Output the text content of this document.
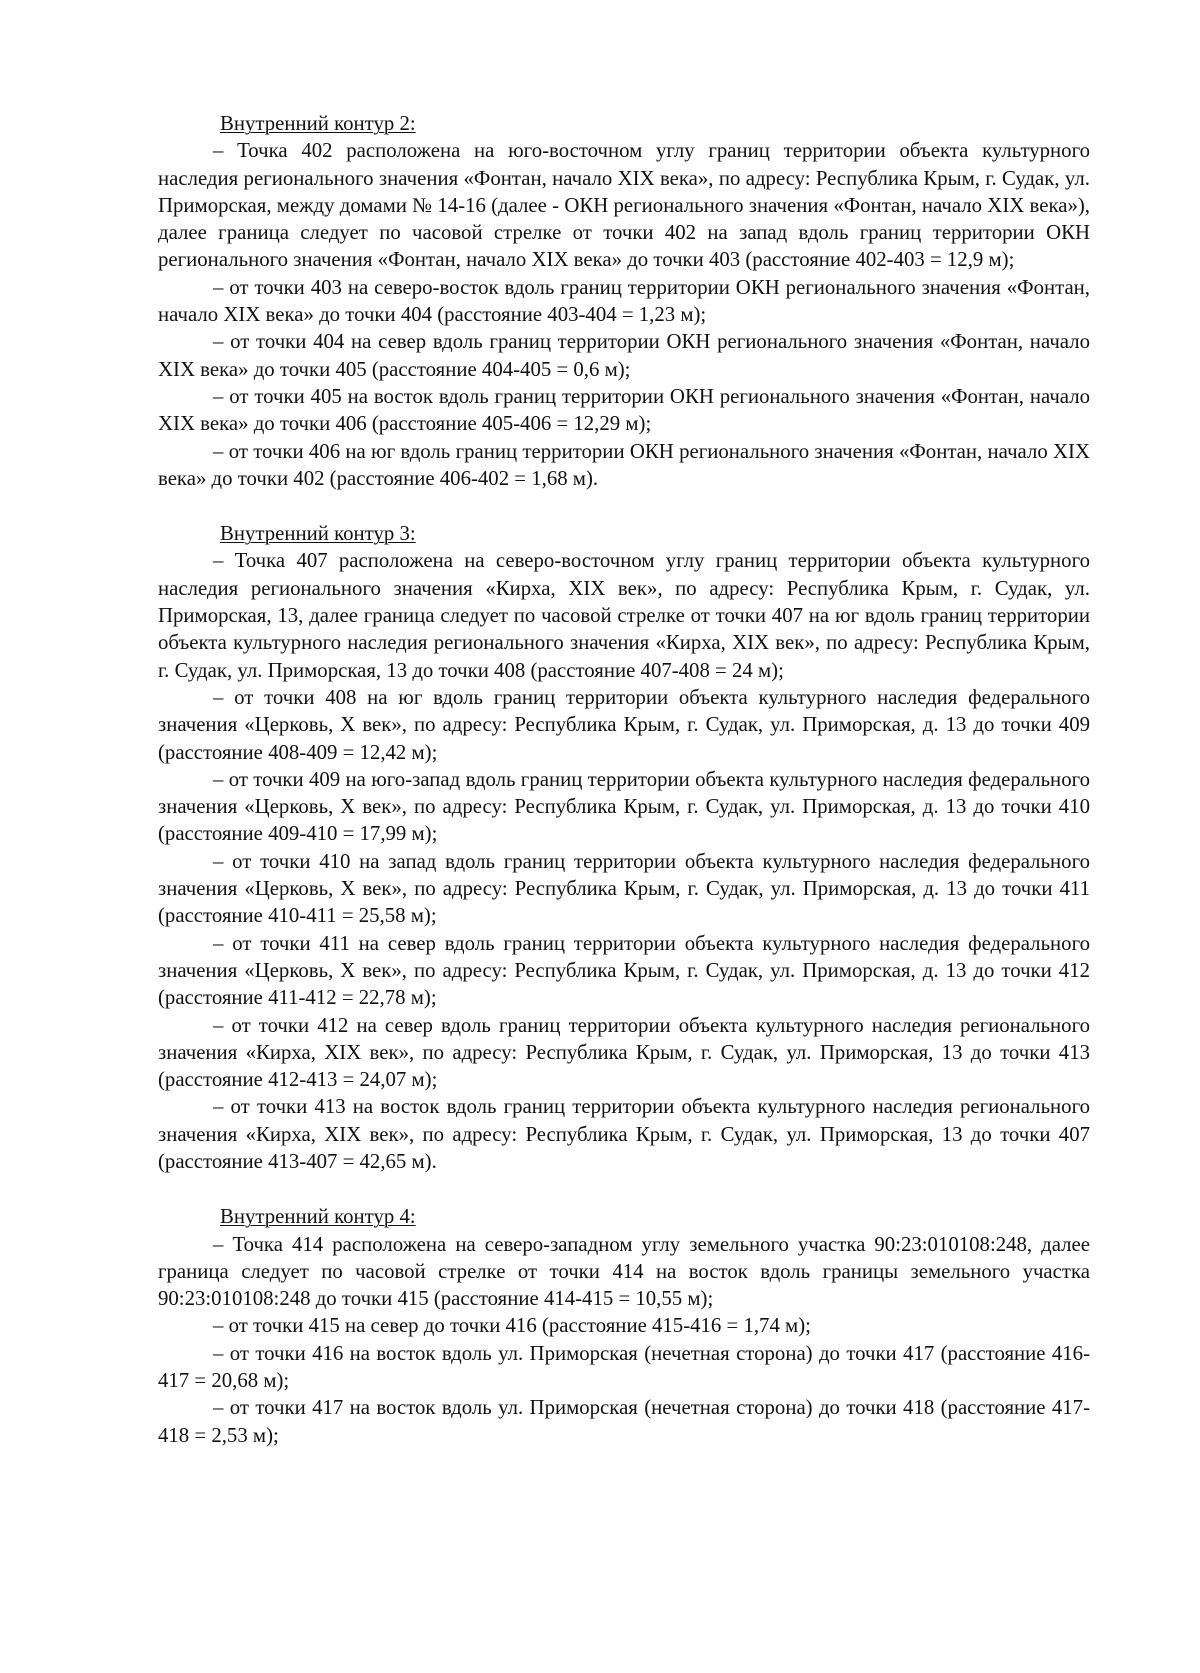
Внутренний контур 2:

– Точка 402 расположена на юго-восточном углу границ территории объекта культурного наследия регионального значения «Фонтан, начало XIX века», по адресу: Республика Крым, г. Судак, ул. Приморская, между домами № 14-16 (далее - ОКН регионального значения «Фонтан, начало XIX века»), далее граница следует по часовой стрелке от точки 402 на запад вдоль границ территории ОКН регионального значения «Фонтан, начало XIX века» до точки 403 (расстояние 402-403 = 12,9 м);

– от точки 403 на северо-восток вдоль границ территории ОКН регионального значения «Фонтан, начало XIX века» до точки 404 (расстояние 403-404 = 1,23 м);

– от точки 404 на север вдоль границ территории ОКН регионального значения «Фонтан, начало XIX века» до точки 405 (расстояние 404-405 = 0,6 м);

– от точки 405 на восток вдоль границ территории ОКН регионального значения «Фонтан, начало XIX века» до точки 406 (расстояние 405-406 = 12,29 м);

– от точки 406 на юг вдоль границ территории ОКН регионального значения «Фонтан, начало XIX века» до точки 402 (расстояние 406-402 = 1,68 м).

Внутренний контур 3:

– Точка 407 расположена на северо-восточном углу границ территории объекта культурного наследия регионального значения «Кирха, XIX век», по адресу: Республика Крым, г. Судак, ул. Приморская, 13, далее граница следует по часовой стрелке от точки 407 на юг вдоль границ территории объекта культурного наследия регионального значения «Кирха, XIX век», по адресу: Республика Крым, г. Судак, ул. Приморская, 13 до точки 408 (расстояние 407-408 = 24 м);

– от точки 408 на юг вдоль границ территории объекта культурного наследия федерального значения «Церковь, X век», по адресу: Республика Крым, г. Судак, ул. Приморская, д. 13 до точки 409 (расстояние 408-409 = 12,42 м);

– от точки 409 на юго-запад вдоль границ территории объекта культурного наследия федерального значения «Церковь, X век», по адресу: Республика Крым, г. Судак, ул. Приморская, д. 13 до точки 410 (расстояние 409-410 = 17,99 м);

– от точки 410 на запад вдоль границ территории объекта культурного наследия федерального значения «Церковь, X век», по адресу: Республика Крым, г. Судак, ул. Приморская, д. 13 до точки 411 (расстояние 410-411 = 25,58 м);

– от точки 411 на север вдоль границ территории объекта культурного наследия федерального значения «Церковь, X век», по адресу: Республика Крым, г. Судак, ул. Приморская, д. 13 до точки 412 (расстояние 411-412 = 22,78 м);

– от точки 412 на север вдоль границ территории объекта культурного наследия регионального значения «Кирха, XIX век», по адресу: Республика Крым, г. Судак, ул. Приморская, 13 до точки 413 (расстояние 412-413 = 24,07 м);

– от точки 413 на восток вдоль границ территории объекта культурного наследия регионального значения «Кирха, XIX век», по адресу: Республика Крым, г. Судак, ул. Приморская, 13 до точки 407 (расстояние 413-407 = 42,65 м).

Внутренний контур 4:

– Точка 414 расположена на северо-западном углу земельного участка 90:23:010108:248, далее граница следует по часовой стрелке от точки 414 на восток вдоль границы земельного участка 90:23:010108:248 до точки 415 (расстояние 414-415 = 10,55 м);

– от точки 415 на север до точки 416 (расстояние 415-416 = 1,74 м);

– от точки 416 на восток вдоль ул. Приморская (нечетная сторона) до точки 417 (расстояние 416-417 = 20,68 м);

– от точки 417 на восток вдоль ул. Приморская (нечетная сторона) до точки 418 (расстояние 417-418 = 2,53 м);
